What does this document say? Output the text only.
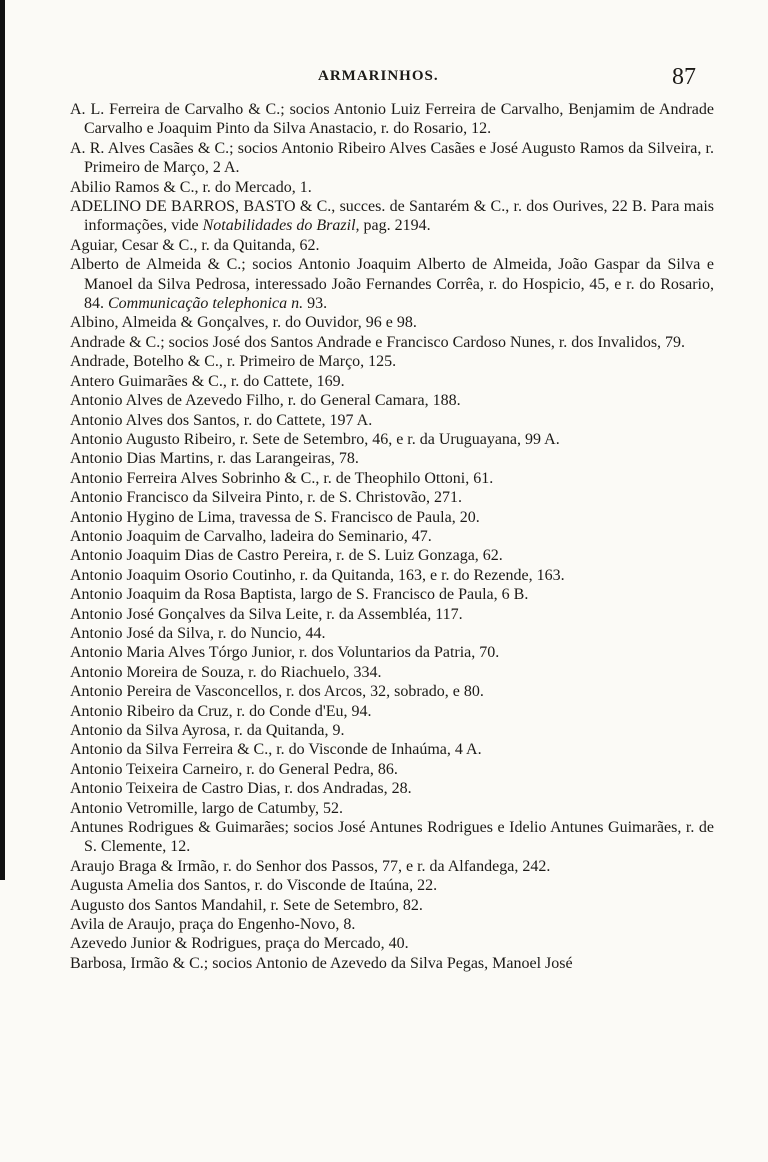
ARMARINHOS.	87
A. L. Ferreira de Carvalho & C.; socios Antonio Luiz Ferreira de Carvalho, Benjamim de Andrade Carvalho e Joaquim Pinto da Silva Anastacio, r. do Rosario, 12.
A. R. Alves Casães & C.; socios Antonio Ribeiro Alves Casães e José Augusto Ramos da Silveira, r. Primeiro de Março, 2 A.
Abilio Ramos & C., r. do Mercado, 1.
ADELINO DE BARROS, BASTO & C., succes. de Santarém & C., r. dos Ourives, 22 B. Para mais informações, vide Notabilidades do Brazil, pag. 2194.
Aguiar, Cesar & C., r. da Quitanda, 62.
Alberto de Almeida & C.; socios Antonio Joaquim Alberto de Almeida, João Gaspar da Silva e Manoel da Silva Pedrosa, interessado João Fernandes Corrêa, r. do Hospicio, 45, e r. do Rosario, 84. Communicação telephonica n. 93.
Albino, Almeida & Gonçalves, r. do Ouvidor, 96 e 98.
Andrade & C.; socios José dos Santos Andrade e Francisco Cardoso Nunes, r. dos Invalidos, 79.
Andrade, Botelho & C., r. Primeiro de Março, 125.
Antero Guimarães & C., r. do Cattete, 169.
Antonio Alves de Azevedo Filho, r. do General Camara, 188.
Antonio Alves dos Santos, r. do Cattete, 197 A.
Antonio Augusto Ribeiro, r. Sete de Setembro, 46, e r. da Uruguayana, 99 A.
Antonio Dias Martins, r. das Larangeiras, 78.
Antonio Ferreira Alves Sobrinho & C., r. de Theophilo Ottoni, 61.
Antonio Francisco da Silveira Pinto, r. de S. Christovão, 271.
Antonio Hygino de Lima, travessa de S. Francisco de Paula, 20.
Antonio Joaquim de Carvalho, ladeira do Seminario, 47.
Antonio Joaquim Dias de Castro Pereira, r. de S. Luiz Gonzaga, 62.
Antonio Joaquim Osorio Coutinho, r. da Quitanda, 163, e r. do Rezende, 163.
Antonio Joaquim da Rosa Baptista, largo de S. Francisco de Paula, 6 B.
Antonio José Gonçalves da Silva Leite, r. da Assembléa, 117.
Antonio José da Silva, r. do Nuncio, 44.
Antonio Maria Alves Tórgo Junior, r. dos Voluntarios da Patria, 70.
Antonio Moreira de Souza, r. do Riachuelo, 334.
Antonio Pereira de Vasconcellos, r. dos Arcos, 32, sobrado, e 80.
Antonio Ribeiro da Cruz, r. do Conde d'Eu, 94.
Antonio da Silva Ayrosa, r. da Quitanda, 9.
Antonio da Silva Ferreira & C., r. do Visconde de Inhaúma, 4 A.
Antonio Teixeira Carneiro, r. do General Pedra, 86.
Antonio Teixeira de Castro Dias, r. dos Andradas, 28.
Antonio Vetromille, largo de Catumby, 52.
Antunes Rodrigues & Guimarães; socios José Antunes Rodrigues e Idelio Antunes Guimarães, r. de S. Clemente, 12.
Araujo Braga & Irmão, r. do Senhor dos Passos, 77, e r. da Alfandega, 242.
Augusta Amelia dos Santos, r. do Visconde de Itaúna, 22.
Augusto dos Santos Mandahil, r. Sete de Setembro, 82.
Avila de Araujo, praça do Engenho-Novo, 8.
Azevedo Junior & Rodrigues, praça do Mercado, 40.
Barbosa, Irmão & C.; socios Antonio de Azevedo da Silva Pegas, Manoel José
